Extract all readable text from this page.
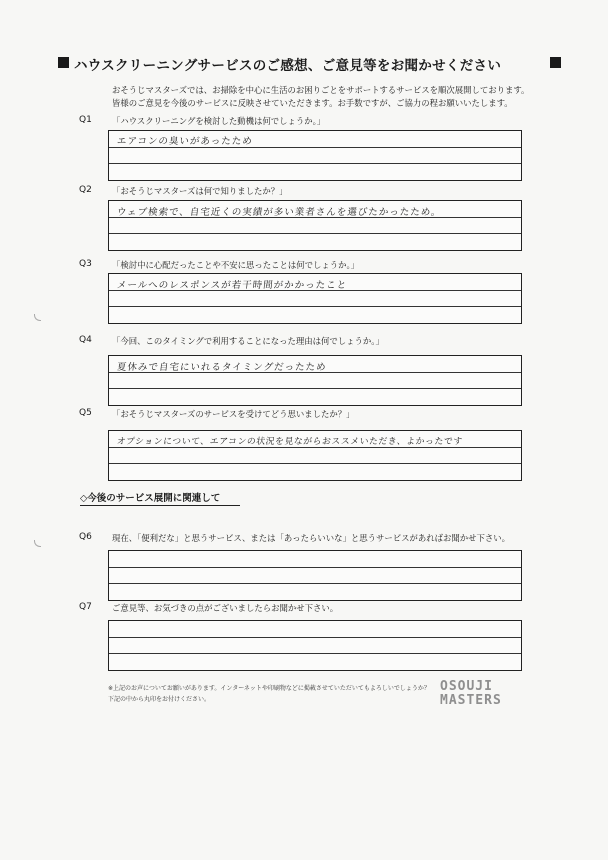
ハウスクリーニングサービスのご感想、ご意見等をお聞かせください
おそうじマスターズでは、お掃除を中心に生活のお困りごとをサポートするサービスを順次展開しております。
皆様のご意見を今後のサービスに反映させていただきます。お手数ですが、ご協力の程お願いいたします。
Q1 「ハウスクリーニングを検討した動機は何でしょうか。」
エアコンの臭いがあったため
Q2 「おそうじマスターズは何で知りましたか？」
ウェブ検索で、自宅近くの実績が多い業者さんを選びたかったため。
Q3 「検討中に心配だったことや不安に思ったことは何でしょうか。」
メールへのレスポンスが若干時間がかかったこと
Q4 「今回、このタイミングで利用することになった理由は何でしょうか。」
夏休みで自宅にいれるタイミングだったため
Q5 「おそうじマスターズのサービスを受けてどう思いましたか？」
オプションについて、エアコンの状況を見ながらおススメいただき、よかったです
◇今後のサービス展開に関連して
Q6 現在、「便利だな」と思うサービス、または「あったらいいな」と思うサービスがあればお聞かせ下さい。
Q7 ご意見等、お気づきの点がございましたらお聞かせ下さい。
※上記のお声についてお願いがあります。インターネットや印刷物などに掲載させていただいてもよろしいでしょうか？
下記の中から丸印をお付けください。
OSOUJI
MASTERS
